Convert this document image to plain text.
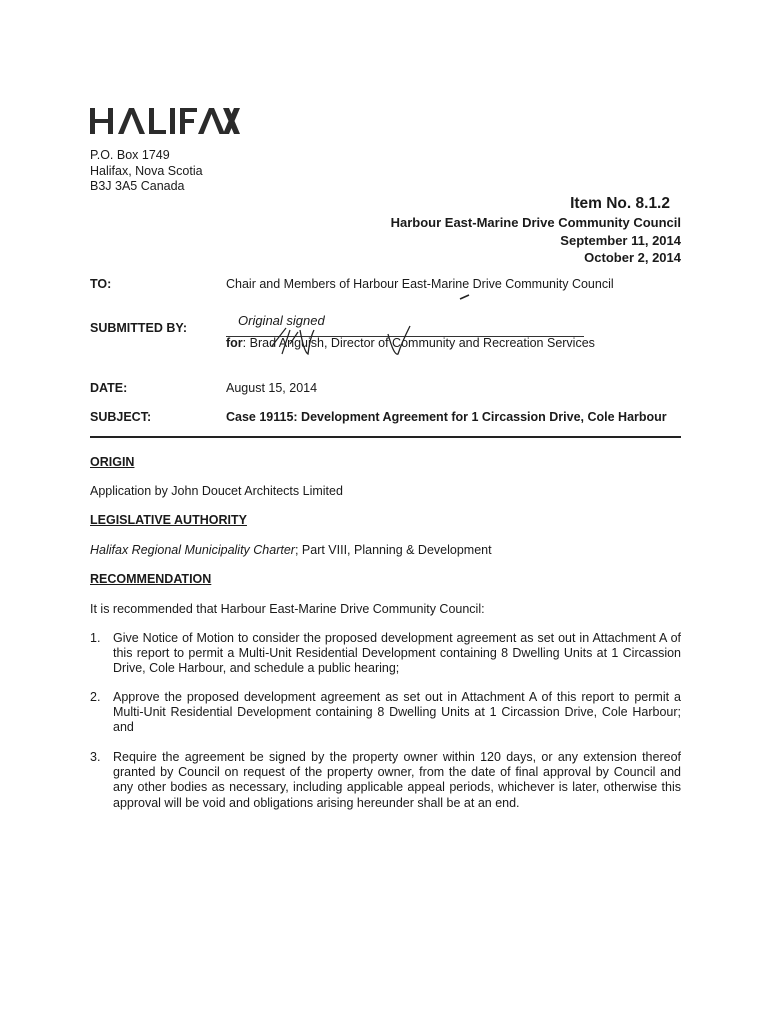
P.O. Box 1749
Halifax, Nova Scotia
B3J 3A5 Canada
Item No. 8.1.2
Harbour East-Marine Drive Community Council
September 11, 2014
October 2, 2014
TO:	Chair and Members of Harbour East-Marine Drive Community Council
SUBMITTED BY:	Original signed
for: Brad Anguish, Director of Community and Recreation Services
DATE:	August 15, 2014
SUBJECT:	Case 19115: Development Agreement for 1 Circassion Drive, Cole Harbour
ORIGIN
Application by John Doucet Architects Limited
LEGISLATIVE AUTHORITY
Halifax Regional Municipality Charter; Part VIII, Planning & Development
RECOMMENDATION
It is recommended that Harbour East-Marine Drive Community Council:
1. Give Notice of Motion to consider the proposed development agreement as set out in Attachment A of this report to permit a Multi-Unit Residential Development containing 8 Dwelling Units at 1 Circassion Drive, Cole Harbour, and schedule a public hearing;
2. Approve the proposed development agreement as set out in Attachment A of this report to permit a Multi-Unit Residential Development containing 8 Dwelling Units at 1 Circassion Drive, Cole Harbour; and
3. Require the agreement be signed by the property owner within 120 days, or any extension thereof granted by Council on request of the property owner, from the date of final approval by Council and any other bodies as necessary, including applicable appeal periods, whichever is later, otherwise this approval will be void and obligations arising hereunder shall be at an end.
